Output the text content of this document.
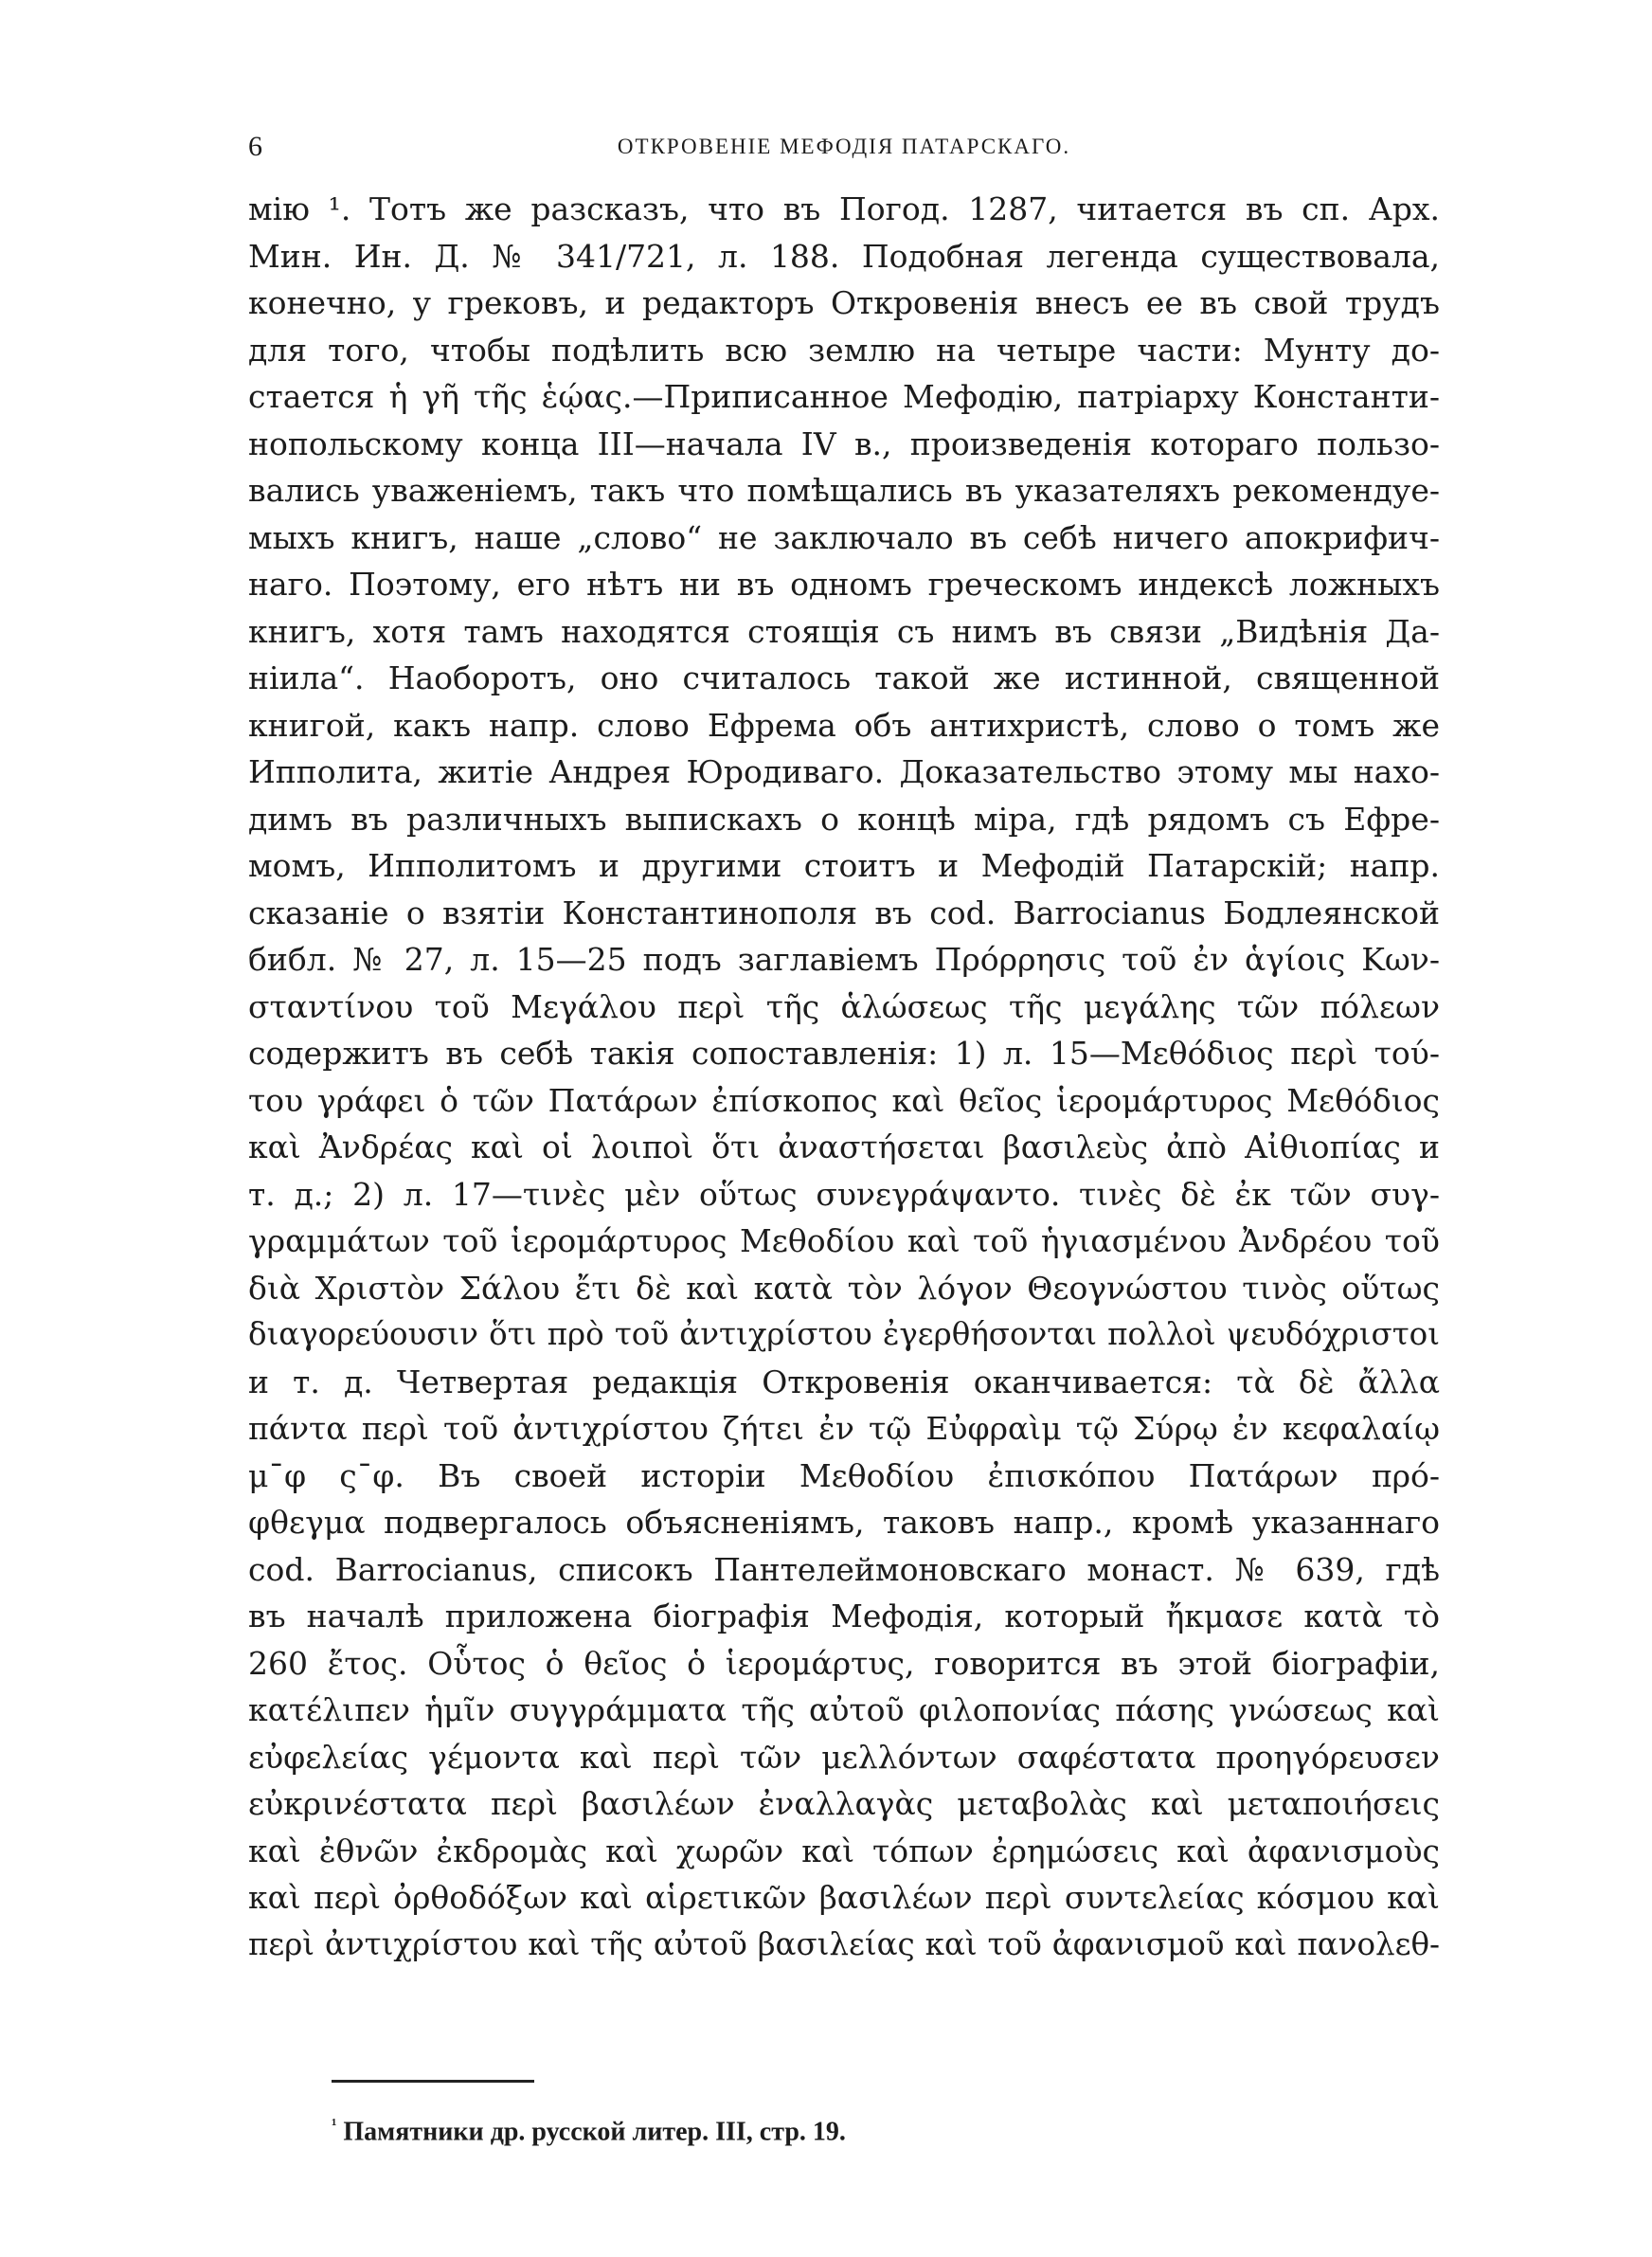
6	ОТКРОВЕНІЕ МЕФОДІЯ ПАТАРСКАГО.
мію ¹. Тотъ же разсказъ, что въ Погод. 1287, читается въ сп. Арх.
Мин. Ин. Д. № 341/721, л. 188. Подобная легенда существовала,
конечно, у грековъ, и редакторъ Откровенія внесъ ее въ свой трудъ
для того, чтобы подѣлить всю землю на четыре части: Мунту до-
стается ἡ γῆ τῆς ἑῴας.—Приписанное Мефодію, патріарху Константи-
нопольскому конца III—начала IV в., произведенія котораго пользо-
вались уваженіемъ, такъ что помѣщались въ указателяхъ рекомендуе-
мыхъ книгъ, наше „слово“ не заключало въ себѣ ничего апокрифич-
наго. Поэтому, его нѣтъ ни въ одномъ греческомъ индексѣ ложныхъ
книгъ, хотя тамъ находятся стоящія съ нимъ въ связи „Видѣнія Да-
ніила“. Наоборотъ, оно считалось такой же истинной, священной
книгой, какъ напр. слово Ефрема объ антихристѣ, слово о томъ же
Ипполита, житіе Андрея Юродиваго. Доказательство этому мы нахо-
димъ въ различныхъ выпискахъ о концѣ міра, гдѣ рядомъ съ Ефре-
момъ, Ипполитомъ и другими стоитъ и Мефодій Патарскій; напр.
сказаніе о взятіи Константинополя въ cod. Barrocianus Бодлеянской
библ. № 27, л. 15—25 подъ заглавіемъ Πρόρρησις τοῦ ἐν ἁγίοις Κων-
σταντίνου τοῦ Μεγάλου περὶ τῆς ἁλώσεως τῆς μεγάλης τῶν πόλεων
содержитъ въ себѣ такія сопоставленія: 1) л. 15—Μεθόδιος περὶ τού-
του γράφει ὁ τῶν Πατάρων ἐπίσκοπος καὶ θεῖος ἱερομάρτυρος Μεθόδιος
καὶ Ἀνδρέας καὶ οἱ λοιποὶ ὅτι ἀναστήσεται βασιλεὺς ἀπὸ Αἰθιοπίας и
т. д.; 2) л. 17—τινὲς μὲν οὕτως συνεγράψαντο. τινὲς δὲ ἐκ τῶν συγ-
γραμμάτων τοῦ ἱερομάρτυρος Μεθοδίου καὶ τοῦ ἡγιασμένου Ἀνδρέου τοῦ
διὰ Χριστὸν Σάλου ἔτι δὲ καὶ κατὰ τὸν λόγον Θεογνώστου τινὸς οὕτως
διαγορεύουσιν ὅτι πρὸ τοῦ ἀντιχρίστου ἐγερθήσονται πολλοὶ ψευδόχριστοι
и т. д. Четвертая редакція Откровенія оканчивается: τὰ δὲ ἄλλα
πάντα περὶ τοῦ ἀντιχρίστου ζήτει ἐν τῷ Εὐφραὶμ τῷ Σύρῳ ἐν κεφαλαίῳ
μ¯φ ς¯φ. Въ своей исторіи Μεθοδίου ἐπισκόπου Πατάρων πρό-
φθεγμα подвергалось объясненіямъ, таковъ напр., кромѣ указаннаго
cod. Barrocianus, списокъ Пантелеймоновскаго монаст. № 639, гдѣ
въ началѣ приложена біографія Мефодія, который ἤκμασε κατὰ τὸ
260 ἔτος. Οὗτος ὁ θεῖος ὁ ἱερομάρτυς, говорится въ этой біографіи,
κατέλιπεν ἡμῖν συγγράμματα τῆς αὐτοῦ φιλοπονίας πάσης γνώσεως καὶ
εὐφελείας γέμοντα καὶ περὶ τῶν μελλόντων σαφέστατα προηγόρευσεν
εὐκρινέστατα περὶ βασιλέων ἐναλλαγὰς μεταβολὰς καὶ μεταποιήσεις
καὶ ἐθνῶν ἐκδρομὰς καὶ χωρῶν καὶ τόπων ἐρημώσεις καὶ ἀφανισμοὺς
καὶ περὶ ὀρθοδόξων καὶ αἱρετικῶν βασιλέων περὶ συντελείας κόσμου καὶ
περὶ ἀντιχρίστου καὶ τῆς αὐτοῦ βασιλείας καὶ τοῦ ἀφανισμοῦ καὶ πανολεθ-
$^{^1}$ Памятники др. русской литер. III, стр. 19.
